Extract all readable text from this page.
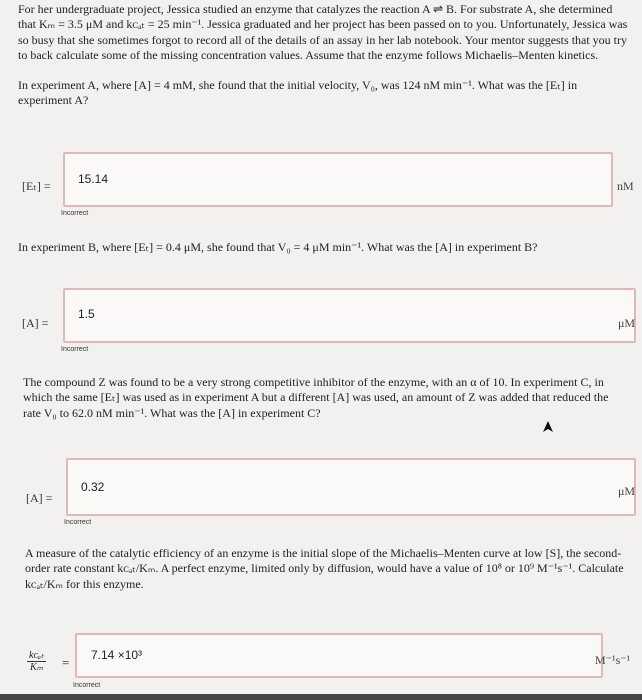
For her undergraduate project, Jessica studied an enzyme that catalyzes the reaction A ⇌ B. For substrate A, she determined that Kₘ = 3.5 μM and kᴄₐₜ = 25 min⁻¹. Jessica graduated and her project has been passed on to you. Unfortunately, Jessica was so busy that she sometimes forgot to record all of the details of an assay in her lab notebook. Your mentor suggests that you try to back calculate some of the missing concentration values. Assume that the enzyme follows Michaelis–Menten kinetics.
In experiment A, where [A] = 4 mM, she found that the initial velocity, V₀, was 124 nM min⁻¹. What was the [Eₜ] in experiment A?
[Eₜ] = 15.14	nM
Incorrect
In experiment B, where [Eₜ] = 0.4 μM, she found that V₀ = 4 μM min⁻¹. What was the [A] in experiment B?
[A] =
1.5
μM
Incorrect
The compound Z was found to be a very strong competitive inhibitor of the enzyme, with an α of 10. In experiment C, in which the same [Eₜ] was used as in experiment A but a different [A] was used, an amount of Z was added that reduced the rate V₀ to 62.0 nM min⁻¹. What was the [A] in experiment C?
[A] =
0.32	μM
Incorrect
A measure of the catalytic efficiency of an enzyme is the initial slope of the Michaelis–Menten curve at low [S], the second-order rate constant kᴄₐₜ/Kₘ. A perfect enzyme, limited only by diffusion, would have a value of 10⁸ or 10⁹ M⁻¹s⁻¹. Calculate kᴄₐₜ/Kₘ for this enzyme.
kᴄₐₜ
Kₘ = 7.14 ×10³	M⁻¹s⁻¹
Incorrect
